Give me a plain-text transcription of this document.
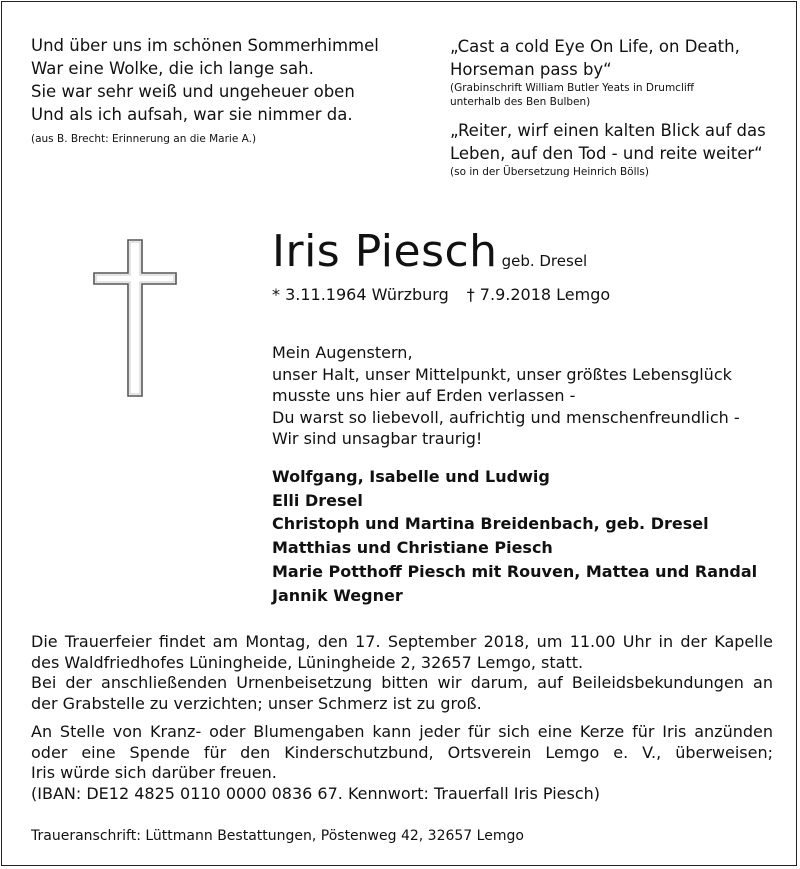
Und über uns im schönen Sommerhimmel
War eine Wolke, die ich lange sah.
Sie war sehr weiß und ungeheuer oben
Und als ich aufsah, war sie nimmer da.
(aus B. Brecht: Erinnerung an die Marie A.)
„Cast a cold Eye On Life, on Death,
Horseman pass by“
(Grabinschrift William Butler Yeats in Drumcliff
unterhalb des Ben Bulben)
„Reiter, wirf einen kalten Blick auf das
Leben, auf den Tod - und reite weiter“
(so in der Übersetzung Heinrich Bölls)
Iris Piesch geb. Dresel
* 3.11.1964 Würzburg † 7.9.2018 Lemgo
Mein Augenstern,
unser Halt, unser Mittelpunkt, unser größtes Lebensglück
musste uns hier auf Erden verlassen -
Du warst so liebevoll, aufrichtig und menschenfreundlich -
Wir sind unsagbar traurig!
Wolfgang, Isabelle und Ludwig
Elli Dresel
Christoph und Martina Breidenbach, geb. Dresel
Matthias und Christiane Piesch
Marie Potthoff Piesch mit Rouven, Mattea und Randal
Jannik Wegner

Die Trauerfeier findet am Montag, den 17. September 2018, um 11.00 Uhr in der Kapelle
des Waldfriedhofes Lüningheide, Lüningheide 2, 32657 Lemgo, statt.
Bei der anschließenden Urnenbeisetzung bitten wir darum, auf Beileidsbekundungen an
der Grabstelle zu verzichten; unser Schmerz ist zu groß.

An Stelle von Kranz- oder Blumengaben kann jeder für sich eine Kerze für Iris anzünden
oder eine Spende für den Kinderschutzbund, Ortsverein Lemgo e. V., überweisen;
Iris würde sich darüber freuen.
(IBAN: DE12 4825 0110 0000 0836 67. Kennwort: Trauerfall Iris Piesch)

Traueranschrift: Lüttmann Bestattungen, Pöstenweg 42, 32657 Lemgo
